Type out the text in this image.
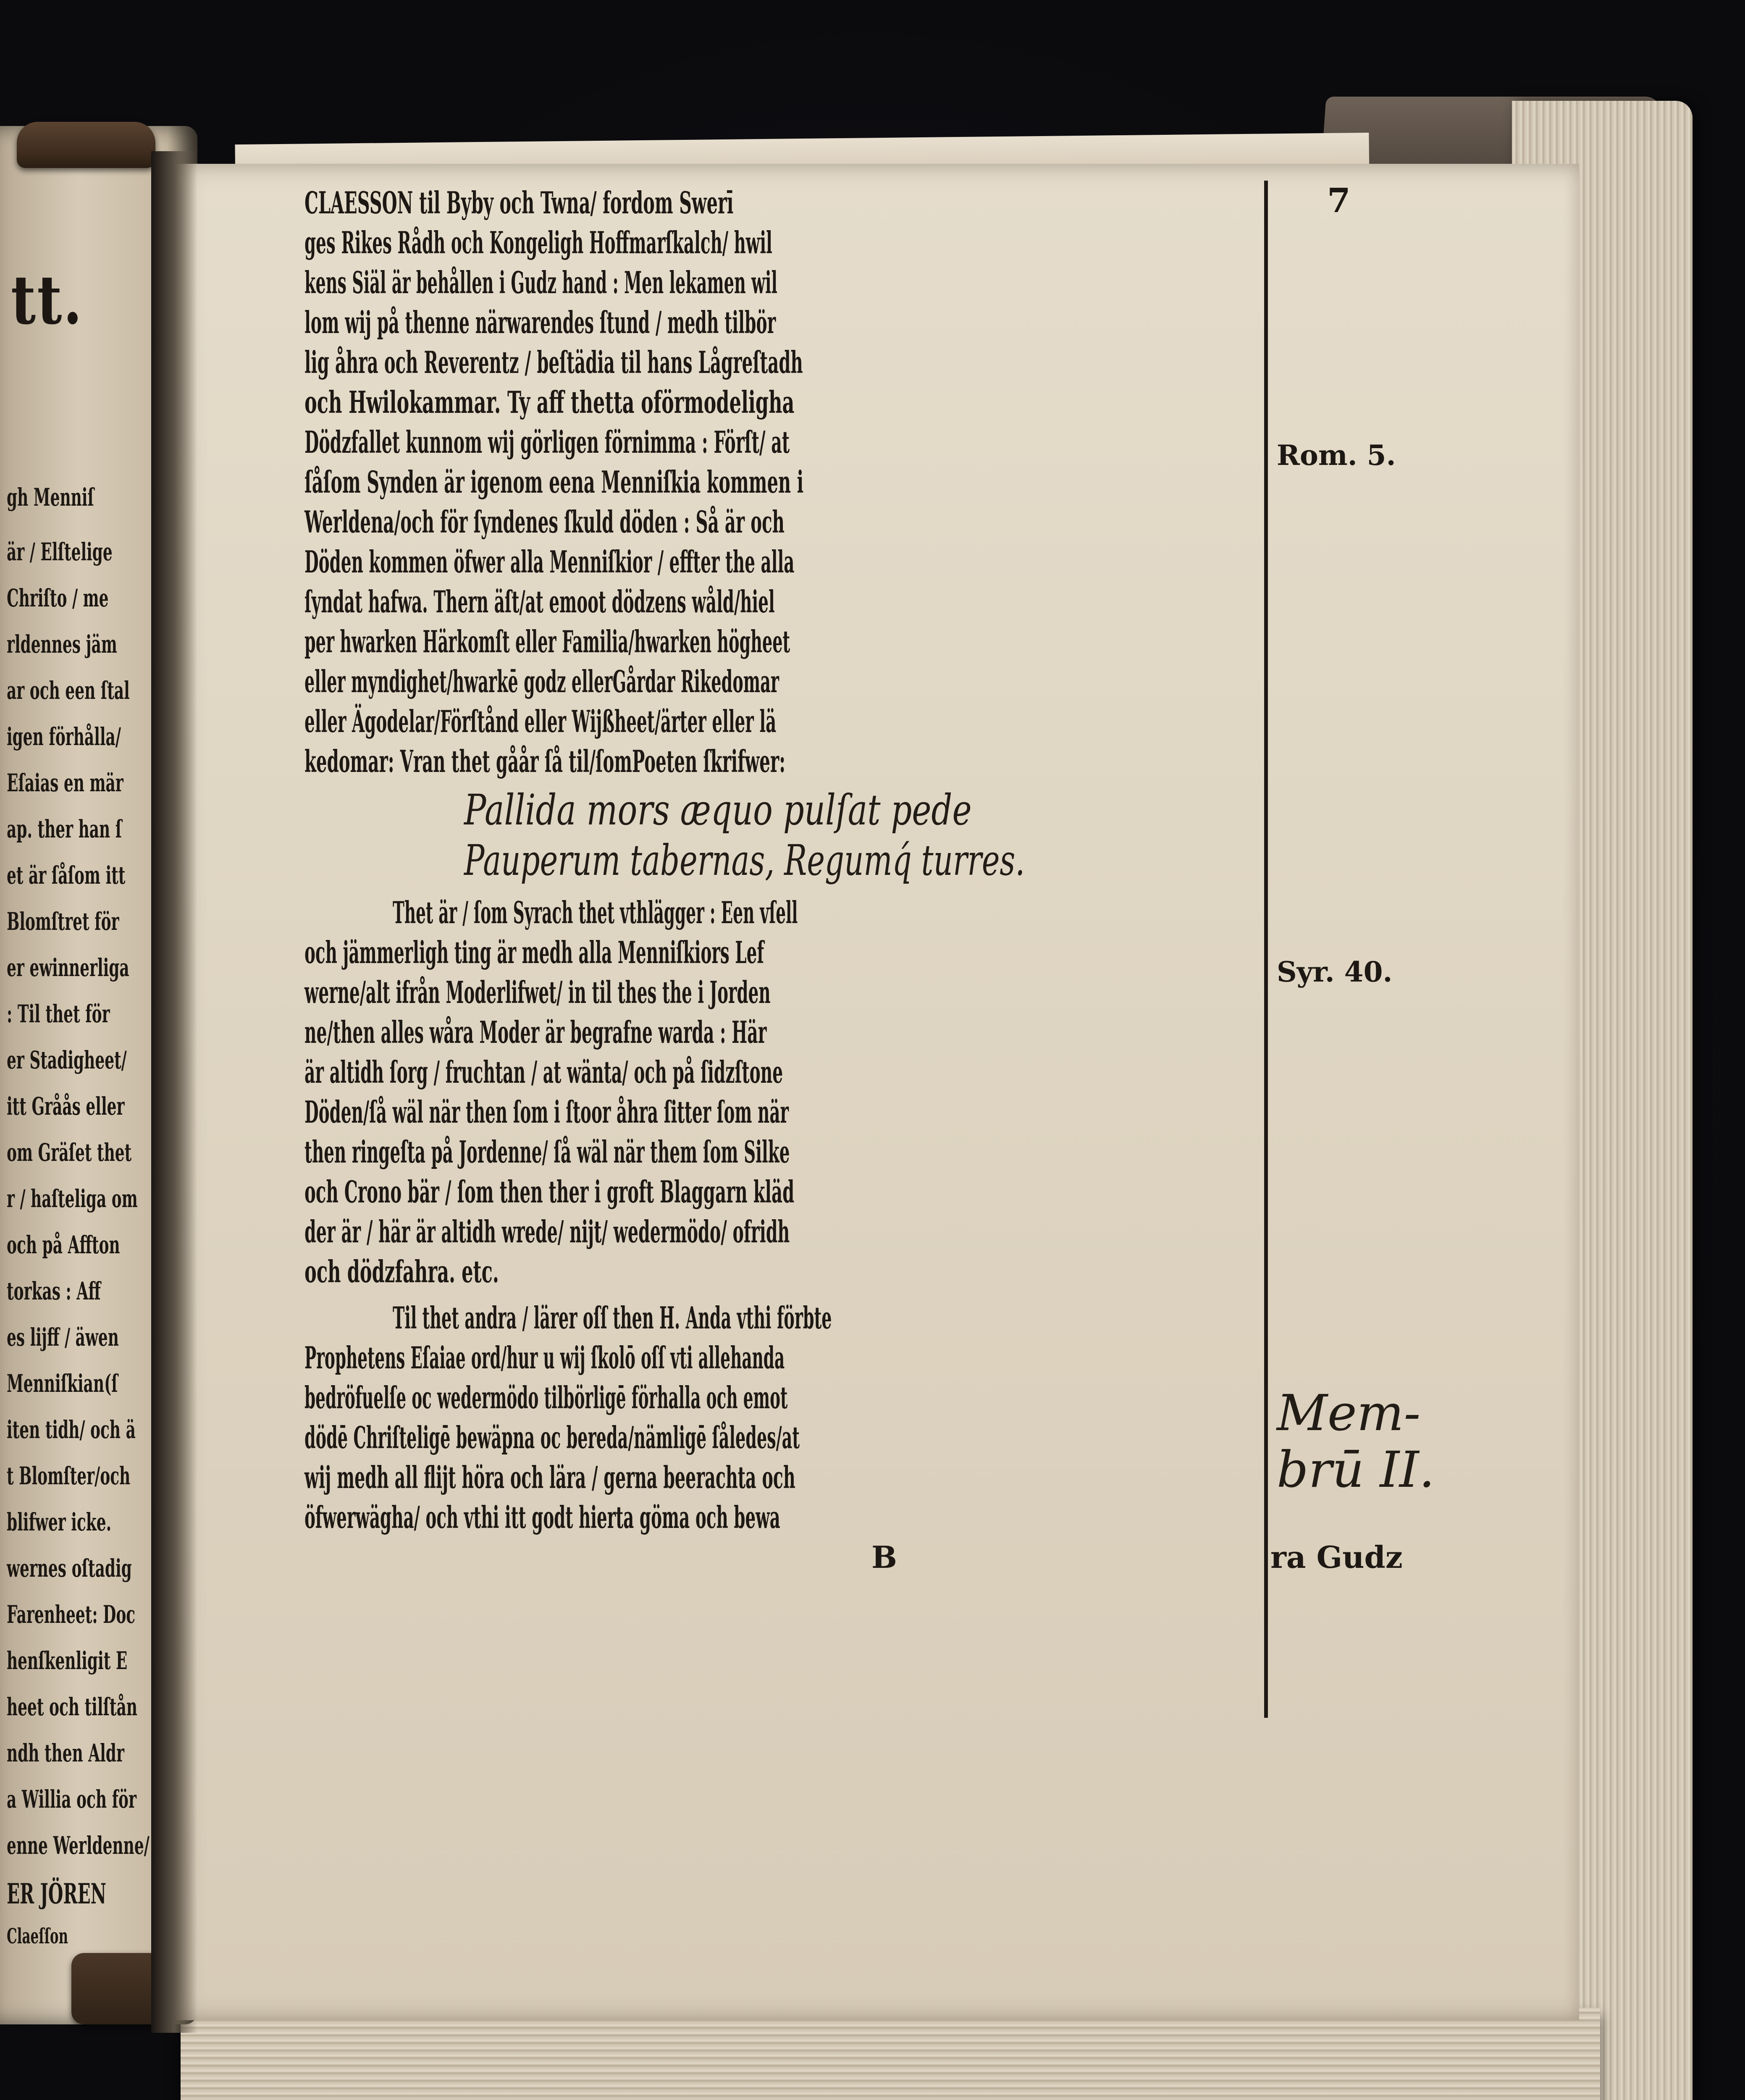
tt.
gh Menniſ
är / Elſtelige
Chriſto / me
rldennes jäm
ar och een ſtal
igen förhålla/
Eſaias en mär
ap. ther han ſ
et är ſåſom itt
Blomſtret för
er ewinnerliga
: Til thet för
er Stadigheet/
itt Gråås eller
om Gräſet thet
r / haſteliga om
och på Affton
torkas : Aff
es lijff / äwen
Menniſkian(ſ
iten tidh/ och ä
t Blomſter/och
blifwer icke.
wernes oſtadig
Farenheet: Doc
henſkenligit E
heet och tilſtån
ndh then Aldr
a Willia och för
enne Werldenne/
ER JÖREN
Claeſſon
7
CLAESSON til Byby och Twna/ fordom Swerī
ges Rikes Rådh och Kongeligh Hoffmarſkalch/ hwil
kens Siäl är behållen i Gudz hand : Men lekamen wil
lom wij på thenne närwarendes ſtund / medh tilbör
lig åhra och Reverentz / beſtädia til hans Lågreſtadh
och Hwilokammar. Ty aff thetta oförmodeligha
Dödzfallet kunnom wij görligen förnimma : Förſt/ at
ſåſom Synden är igenom eena Menniſkia kommen i
Werldena/och för ſyndenes ſkuld döden : Så är och
Döden kommen öfwer alla Menniſkior / effter the alla
ſyndat hafwa. Thern äſt/at emoot dödzens wåld/hiel
per hwarken Härkomſt eller Familia/hwarken högheet
eller myndighet/hwarkē godz ellerGårdar Rikedomar
eller Ägodelar/Förſtånd eller Wijßheet/ärter eller lä
kedomar: Vran thet gåår ſå til/ſomPoeten ſkrifwer:
Pallida mors æquo pulſat pede
Pauperum tabernas, Regumq́ turres.
Thet är / ſom Syrach thet vthlägger : Een vſell
och jämmerligh ting är medh alla Menniſkiors Lef
werne/alt ifrån Moderlifwet/ in til thes the i Jorden
ne/then alles wåra Moder är begrafne warda : Här
är altidh ſorg / fruchtan / at wänta/ och på ſidzſtone
Döden/ſå wäl när then ſom i ſtoor åhra ſitter ſom när
then ringeſta på Jordenne/ ſå wäl när them ſom Silke
och Crono bär / ſom then ther i groft Blaggarn kläd
der är / här är altidh wrede/ nijt/ wedermödo/ ofridh
och dödzfahra. etc.
Til thet andra / lärer oſſ then H. Anda vthi förbte
Prophetens Eſaiae ord/hur u wij ſkolō oſſ vti allehanda
bedröfuelſe oc wedermödo tilbörligē förhalla och emot
dödē Chriſteligē bewäpna oc bereda/nämligē ſåledes/at
wij medh all flijt höra och lära / gerna beerachta och
öfwerwägha/ och vthi itt godt hierta göma och bewa
B	ra Gudz
Rom. 5.
Syr. 40.
Mem-
brū II.
